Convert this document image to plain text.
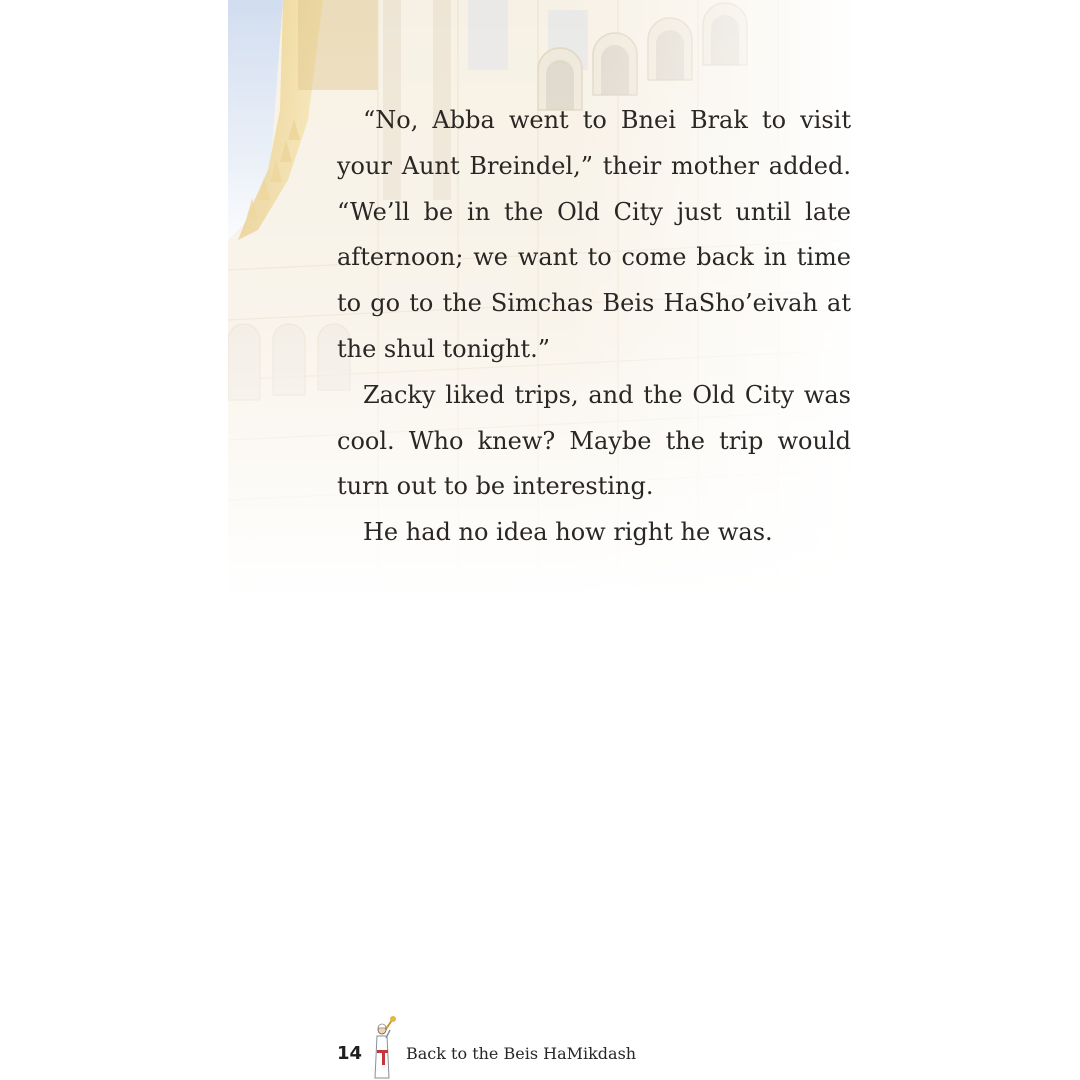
“No, Abba went to Bnei Brak to visit your Aunt Breindel,” their mother added. “We’ll be in the Old City just until late afternoon; we want to come back in time to go to the Simchas Beis HaSho’eivah at the shul tonight.”

Zacky liked trips, and the Old City was cool. Who knew? Maybe the trip would turn out to be interesting.

He had no idea how right he was.

14	Back to the Beis HaMikdash
